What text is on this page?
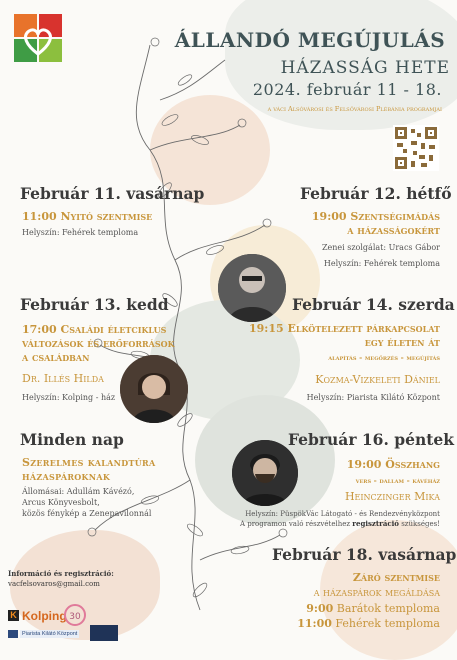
ÁLLANDÓ MEGÚJULÁS
HÁZASSÁG HETE
2024. február 11 - 18.
a váci Alsóvárosi és Felsővárosi Plébánia programjai
Február 11. vasárnap
11:00 Nyitó szentmise
Helyszín: Fehérek temploma
Február 12. hétfő
19:00 Szentségimádás
a házasságokért
Zenei szolgálat: Uracs Gábor
Helyszín: Fehérek temploma
Február 13. kedd
17:00 Családi életciklus
változások és erőforrások
a családban
Dr. Illés Hilda
Helyszín: Kolping - ház
Február 14. szerda
19:15 Elkötelezett párkapcsolat
egy életen át
alapítás - megőrzés - megújítás
Kozma-Vizkeleti Dániel
Helyszín: Piarista Kilátó Központ
Minden nap
Szerelmes kalandtúra
házaspároknak
Állomásai: Adullám Kávézó,
Arcus Könyvesbolt,
közös fénykép a Zenepavilonnál
Február 16. péntek
19:00 Összhang
vers - dallam - kávéház
Heinczinger Mika
Helyszín: PüspökVác Látogató - és Rendezvényközpont
A programon való részvételhez regisztráció szükséges!
Február 18. vasárnap
Záró szentmise
a házaspárok megáldása
9:00 Barátok temploma
11:00 Fehérek temploma
Információ és regisztráció:
vacfelsovaros@gmail.com
K Kolping 30
Piarista Kilátó Központ
